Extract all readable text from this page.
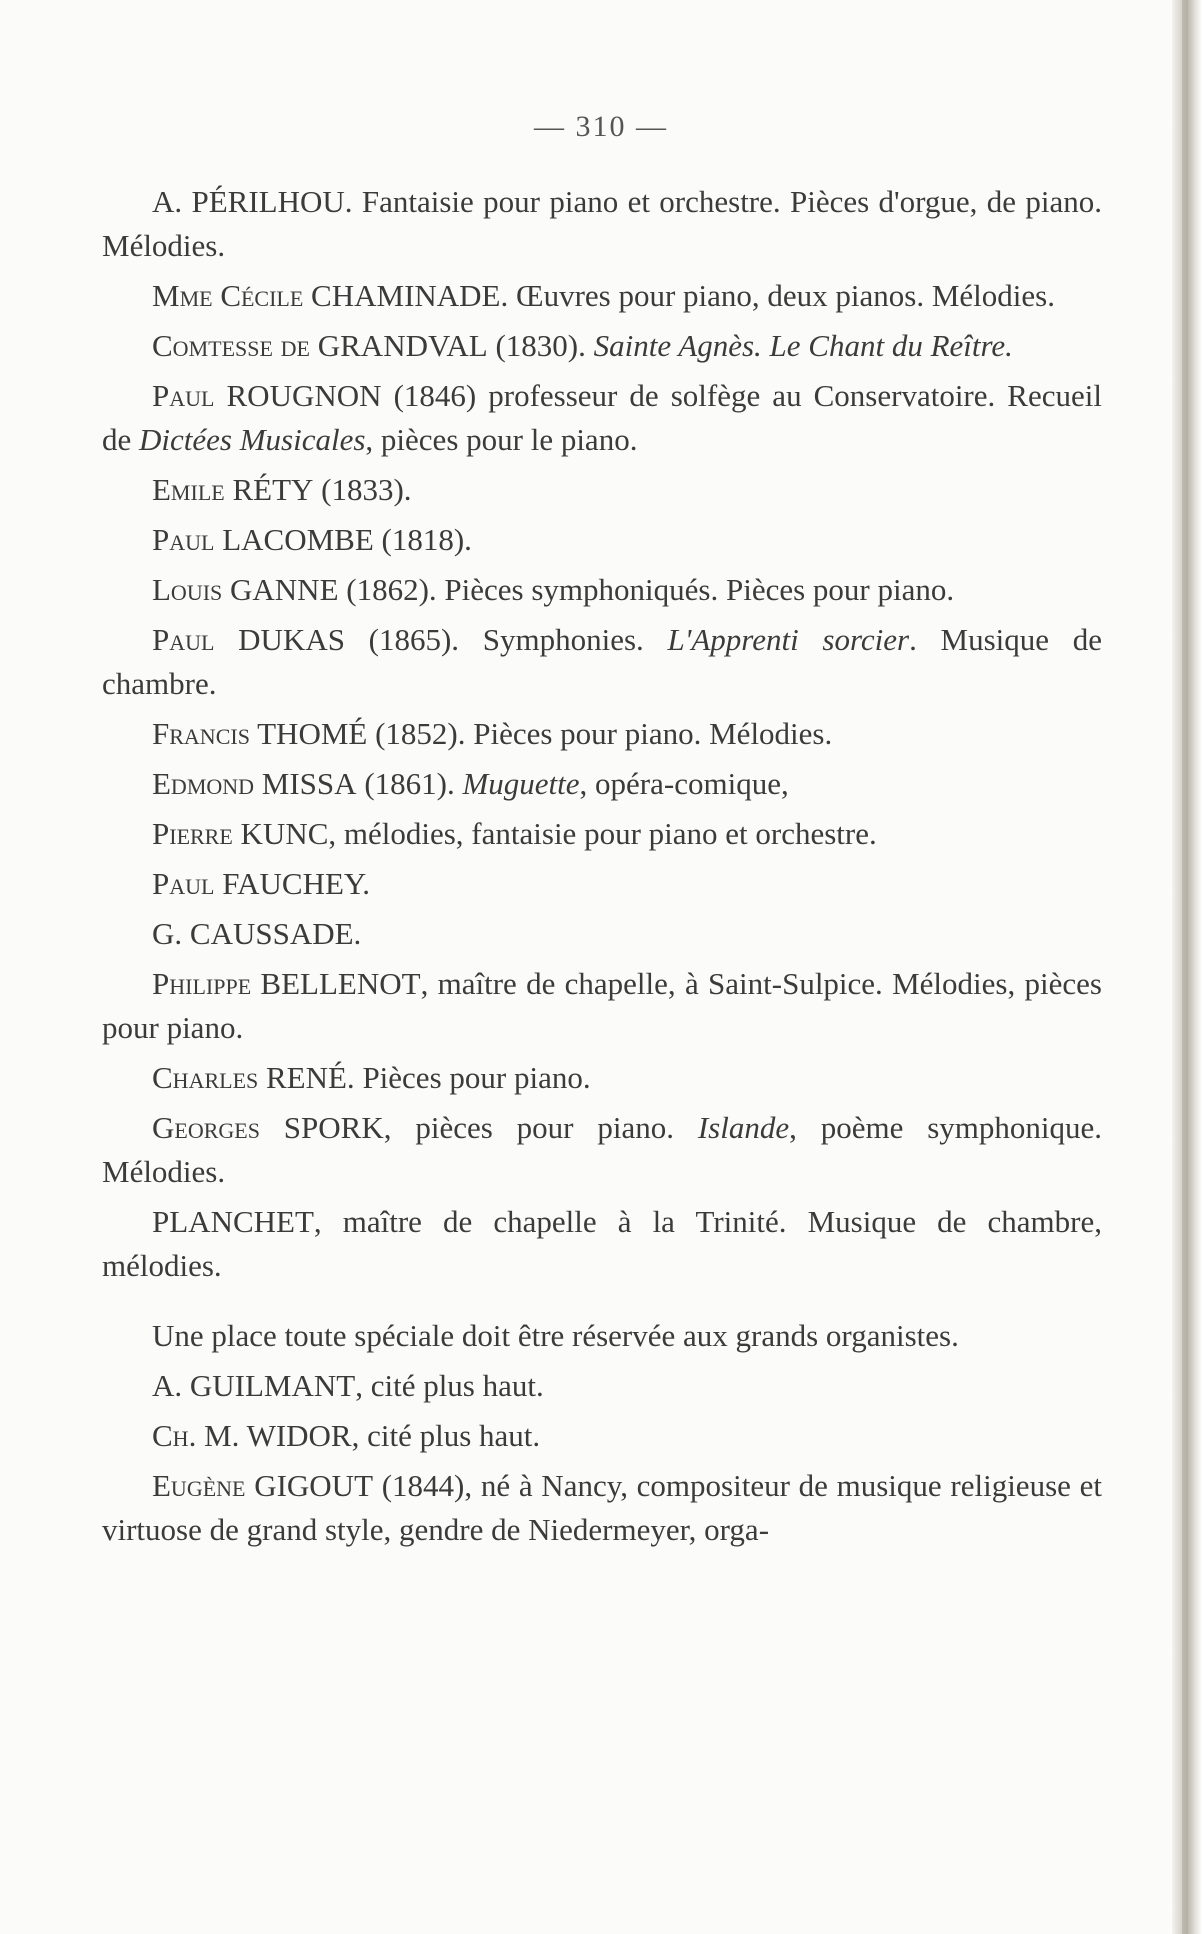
— 310 —

A. PÉRILHOU. Fantaisie pour piano et orchestre. Pièces d'orgue, de piano. Mélodies.

Mme Cécile CHAMINADE. Œuvres pour piano, deux pianos. Mélodies.

Comtesse de GRANDVAL (1830). Sainte Agnès. Le Chant du Reître.

Paul ROUGNON (1846) professeur de solfège au Conservatoire. Recueil de Dictées Musicales, pièces pour le piano.

Emile RÉTY (1833).

Paul LACOMBE (1818).

Louis GANNE (1862). Pièces symphoniqués. Pièces pour piano.

Paul DUKAS (1865). Symphonies. L'Apprenti sorcier. Musique de chambre.

Francis THOMÉ (1852). Pièces pour piano. Mélodies.

Edmond MISSA (1861). Muguette, opéra-comique,

Pierre KUNC, mélodies, fantaisie pour piano et orchestre.

Paul FAUCHEY.

G. CAUSSADE.

Philippe BELLENOT, maître de chapelle, à Saint-Sulpice. Mélodies, pièces pour piano.

Charles RENÉ. Pièces pour piano.

Georges SPORK, pièces pour piano. Islande, poème symphonique. Mélodies.

PLANCHET, maître de chapelle à la Trinité. Musique de chambre, mélodies.

Une place toute spéciale doit être réservée aux grands organistes.

A. GUILMANT, cité plus haut.

Ch. M. WIDOR, cité plus haut.

Eugène GIGOUT (1844), né à Nancy, compositeur de musique religieuse et virtuose de grand style, gendre de Niedermeyer, orga-
